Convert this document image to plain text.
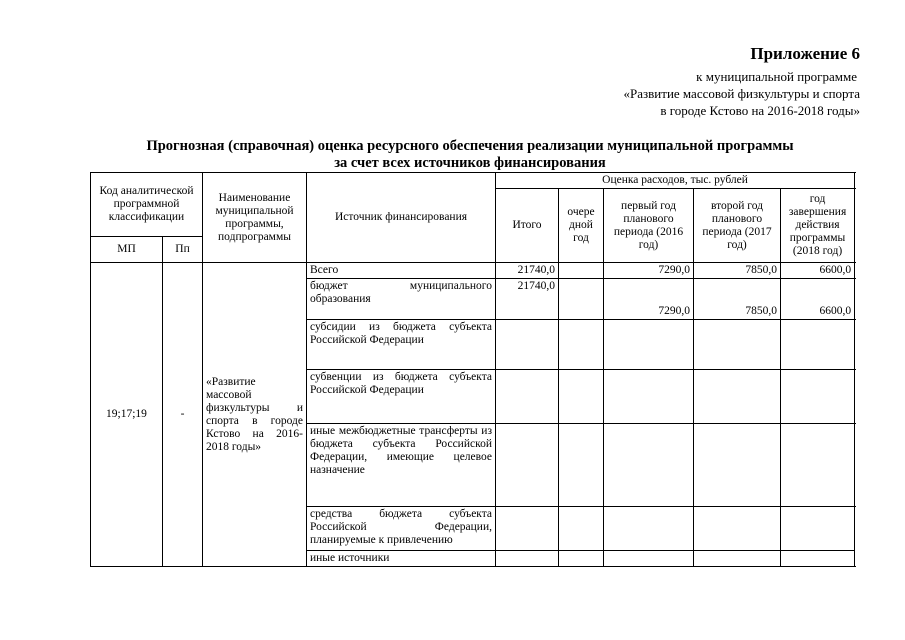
Приложение 6
к муниципальной программе
«Развитие массовой физкультуры и спорта
в городе Кстово на 2016-2018 годы»
Прогнозная (справочная) оценка ресурсного обеспечения реализации муниципальной программы
за счет всех источников финансирования
Код аналитической программной классификации		Наименование муниципальной программы, подпрограммы	Источник финансирования	Оценка расходов, тыс. рублей					
				Итого	очере дной год	первый год планового периода (2016 год)	второй год планового периода (2017 год)	год завершения действия программы (2018 год)	
МП	Пп								
19;17;19	-	«Развитие массовой физкультуры и спорта в городе Кстово на 2016-2018 годы»	Всего	21740,0		7290,0	7850,0	6600,0	
			бюджет муниципального образования	21740,0		7290,0	7850,0	6600,0	
			субсидии из бюджета субъекта Российской Федерации						
			субвенции из бюджета субъекта Российской Федерации						
			иные межбюджетные трансферты из бюджета субъекта Российской Федерации, имеющие целевое назначение						
			средства бюджета субъекта Российской Федерации, планируемые к привлечению						
			иные источники						
